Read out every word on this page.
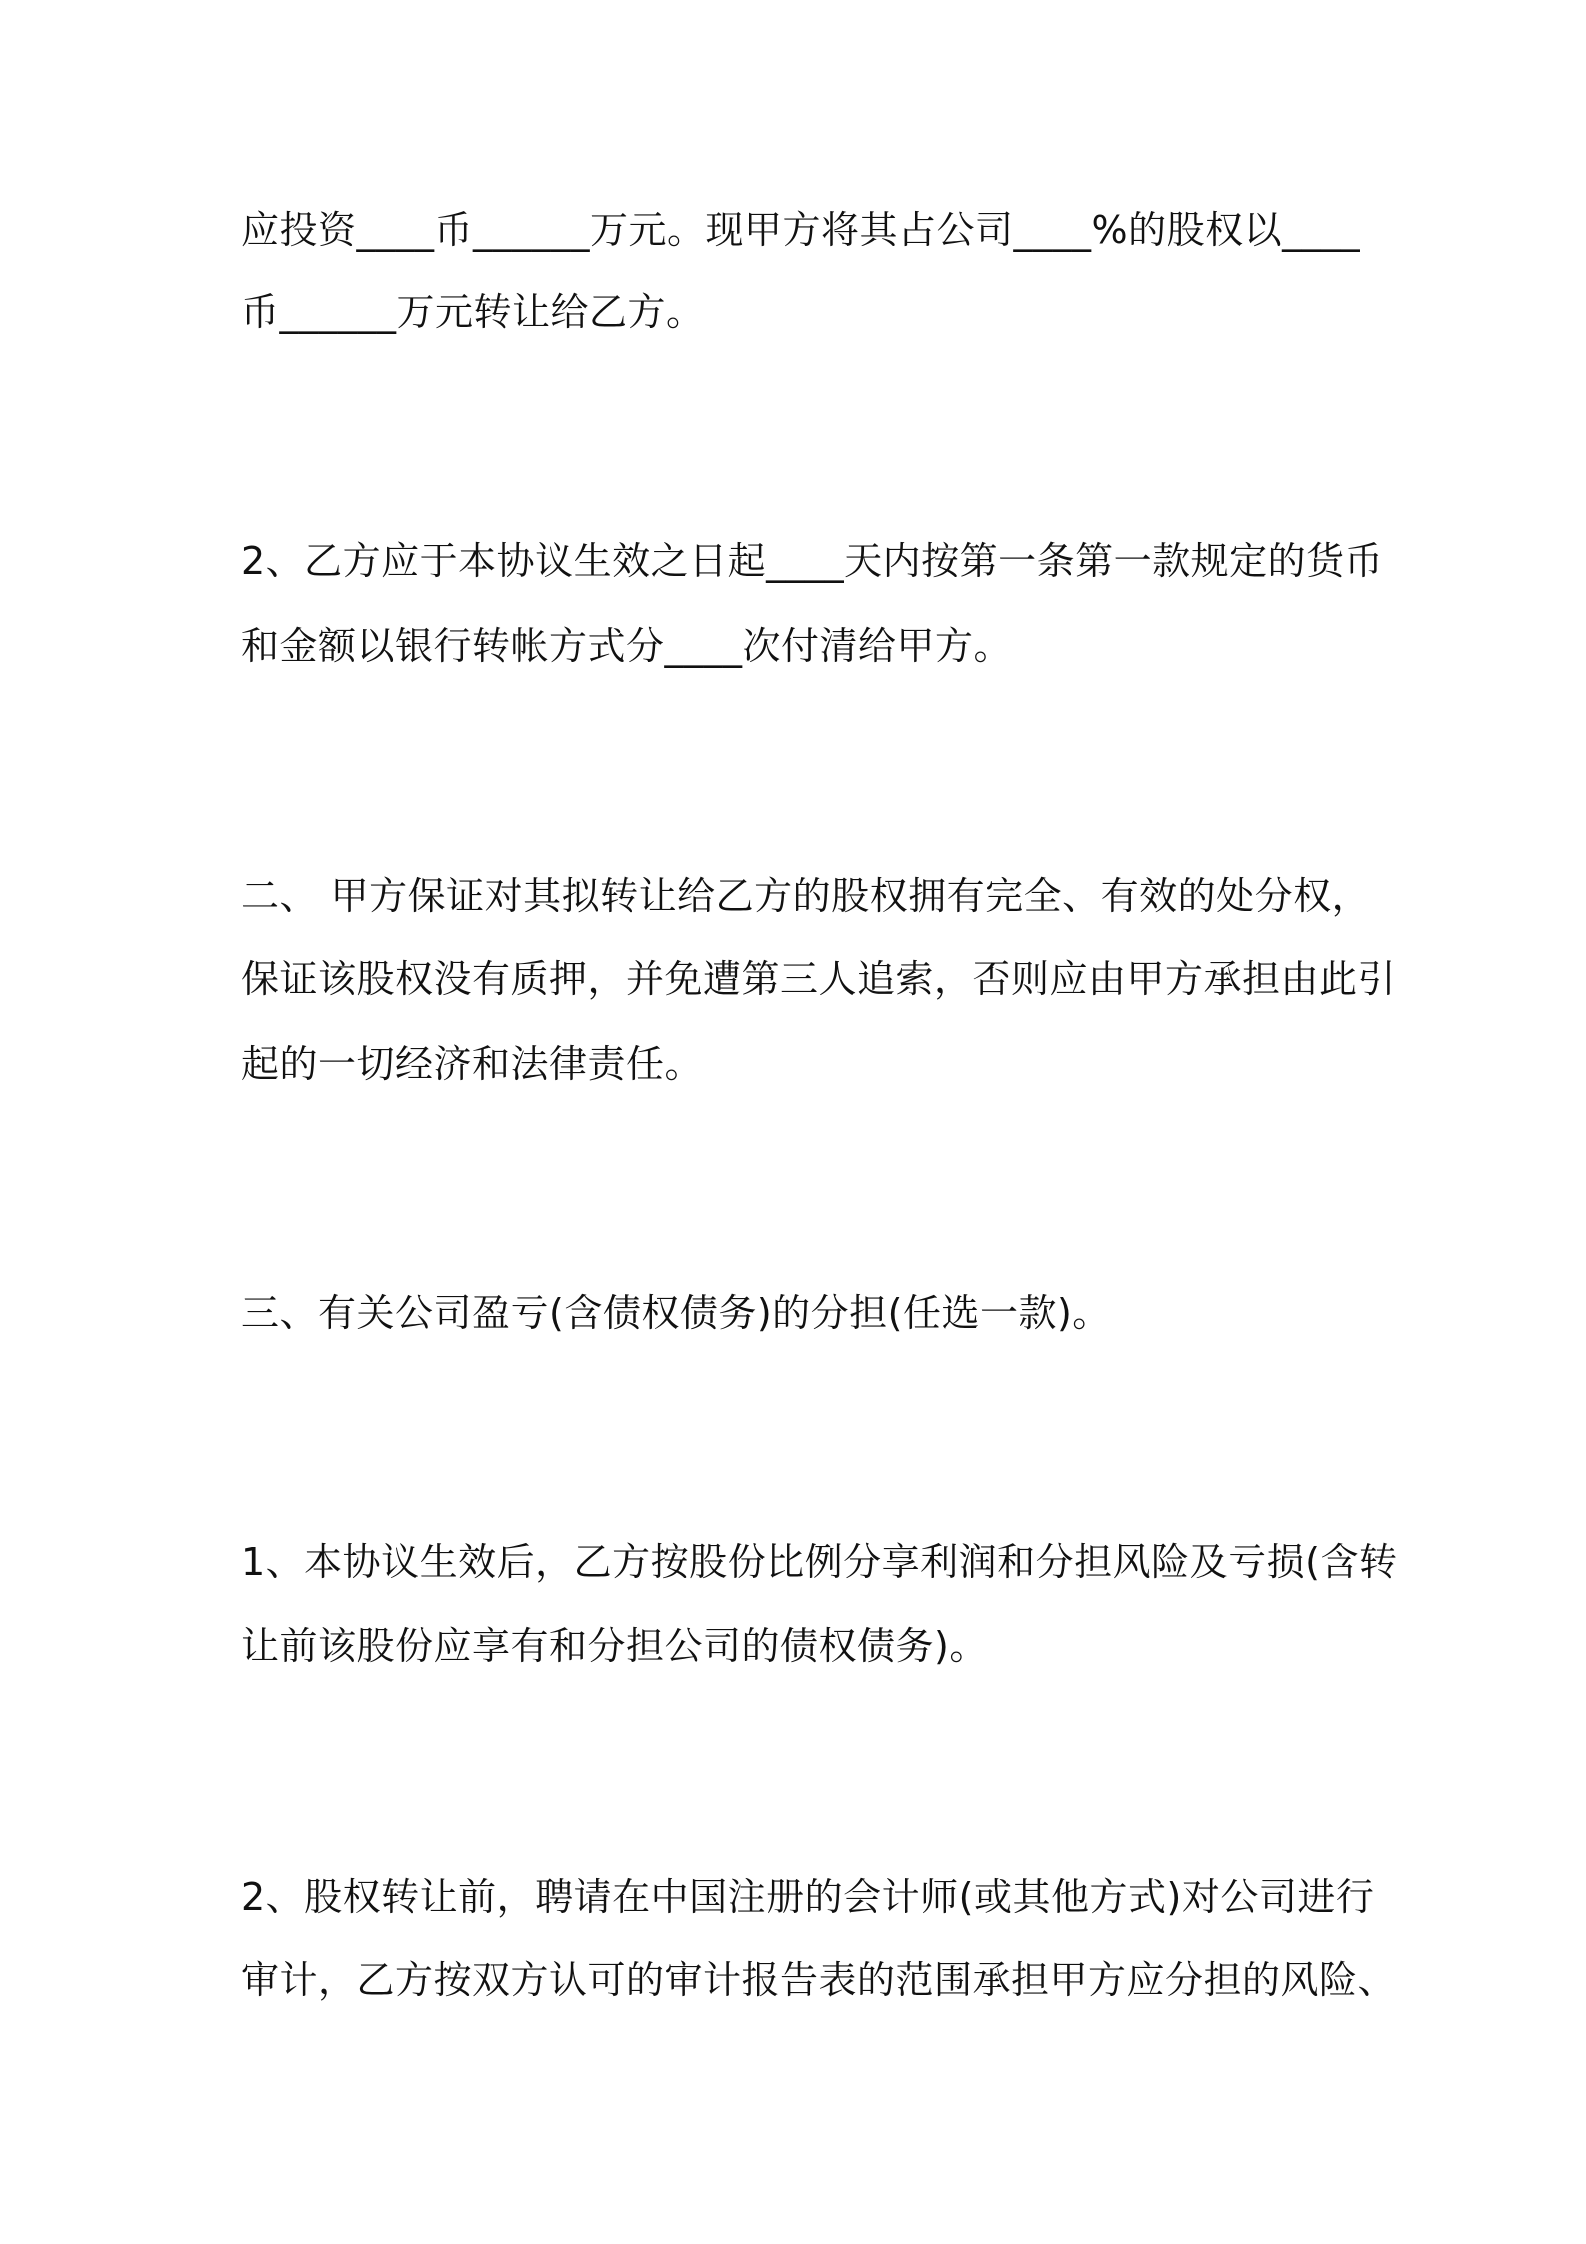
应投资____币______万元。现甲方将其占公司____%的股权以____

币______万元转让给乙方。

2、乙方应于本协议生效之日起____天内按第一条第一款规定的货币

和金额以银行转帐方式分____次付清给甲方。

二、 甲方保证对其拟转让给乙方的股权拥有完全、有效的处分权，

保证该股权没有质押，并免遭第三人追索，否则应由甲方承担由此引

起的一切经济和法律责任。

三、有关公司盈亏(含债权债务)的分担(任选一款)。

1、本协议生效后，乙方按股份比例分享利润和分担风险及亏损(含转

让前该股份应享有和分担公司的债权债务)。

2、股权转让前，聘请在中国注册的会计师(或其他方式)对公司进行

审计，乙方按双方认可的审计报告表的范围承担甲方应分担的风险、
